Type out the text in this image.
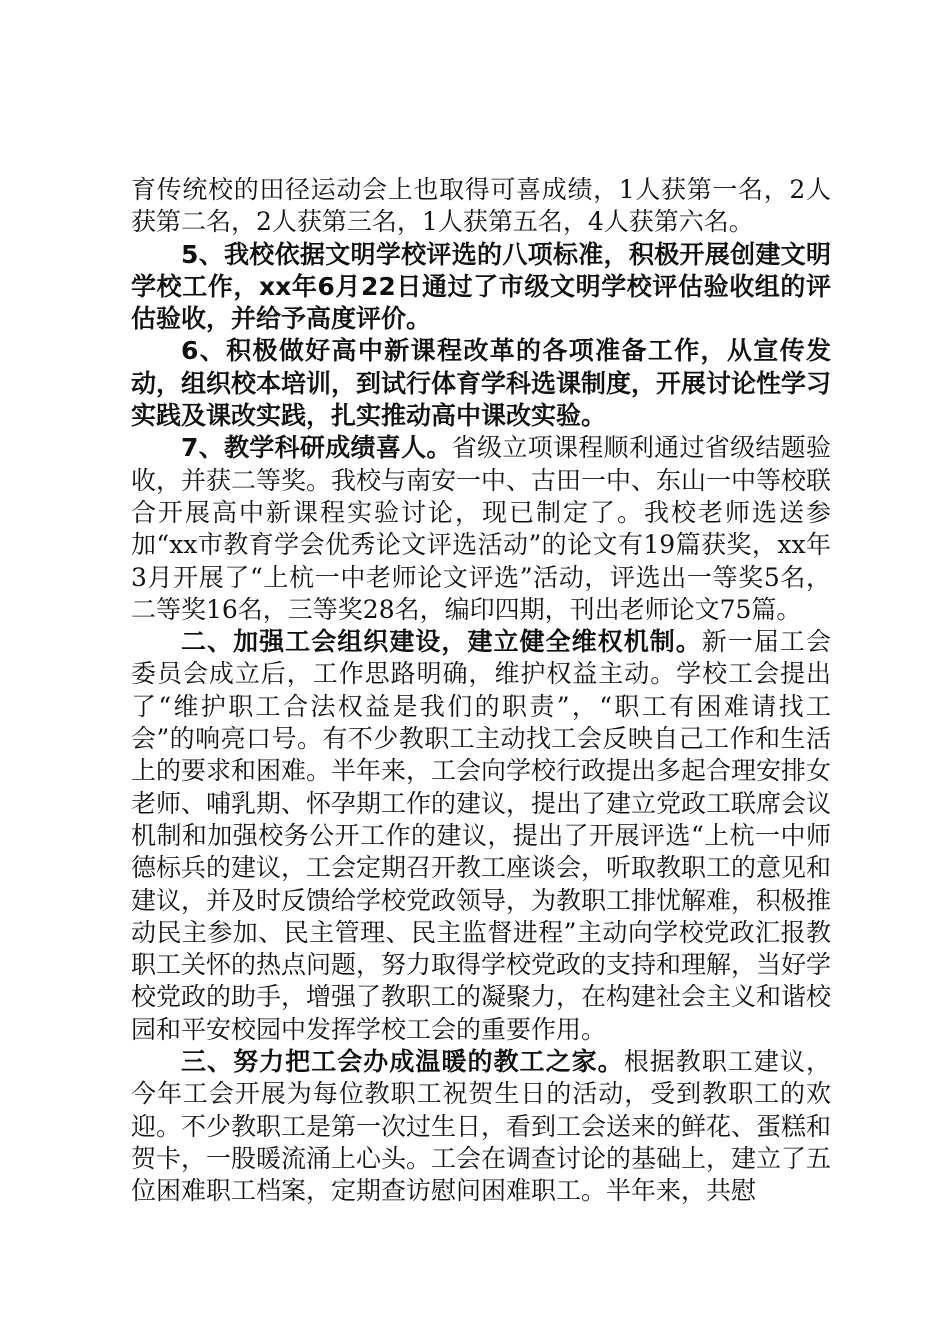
育传统校的田径运动会上也取得可喜成绩，1人获第一名，2人获第二名，2人获第三名，1人获第五名，4人获第六名。

5、我校依据文明学校评选的八项标准，积极开展创建文明学校工作，xx年6月22日通过了市级文明学校评估验收组的评估验收，并给予高度评价。

6、积极做好高中新课程改革的各项准备工作，从宣传发动，组织校本培训，到试行体育学科选课制度，开展讨论性学习实践及课改实践，扎实推动高中课改实验。

7、教学科研成绩喜人。省级立项课程顺利通过省级结题验收，并获二等奖。我校与南安一中、古田一中、东山一中等校联合开展高中新课程实验讨论，现已制定了。我校老师选送参加“xx市教育学会优秀论文评选活动”的论文有19篇获奖，xx年3月开展了“上杭一中老师论文评选”活动，评选出一等奖5名，二等奖16名，三等奖28名，编印四期，刊出老师论文75篇。

二、加强工会组织建设，建立健全维权机制。新一届工会委员会成立后，工作思路明确，维护权益主动。学校工会提出了“维护职工合法权益是我们的职责”，“职工有困难请找工会”的响亮口号。有不少教职工主动找工会反映自己工作和生活上的要求和困难。半年来，工会向学校行政提出多起合理安排女老师、哺乳期、怀孕期工作的建议，提出了建立党政工联席会议机制和加强校务公开工作的建议，提出了开展评选“上杭一中师德标兵的建议，工会定期召开教工座谈会，听取教职工的意见和建议，并及时反馈给学校党政领导，为教职工排忧解难，积极推动民主参加、民主管理、民主监督进程”主动向学校党政汇报教职工关怀的热点问题，努力取得学校党政的支持和理解，当好学校党政的助手，增强了教职工的凝聚力，在构建社会主义和谐校园和平安校园中发挥学校工会的重要作用。

三、努力把工会办成温暖的教工之家。根据教职工建议，今年工会开展为每位教职工祝贺生日的活动，受到教职工的欢迎。不少教职工是第一次过生日，看到工会送来的鲜花、蛋糕和贺卡，一股暖流涌上心头。工会在调查讨论的基础上，建立了五位困难职工档案，定期查访慰问困难职工。半年来，共慰
